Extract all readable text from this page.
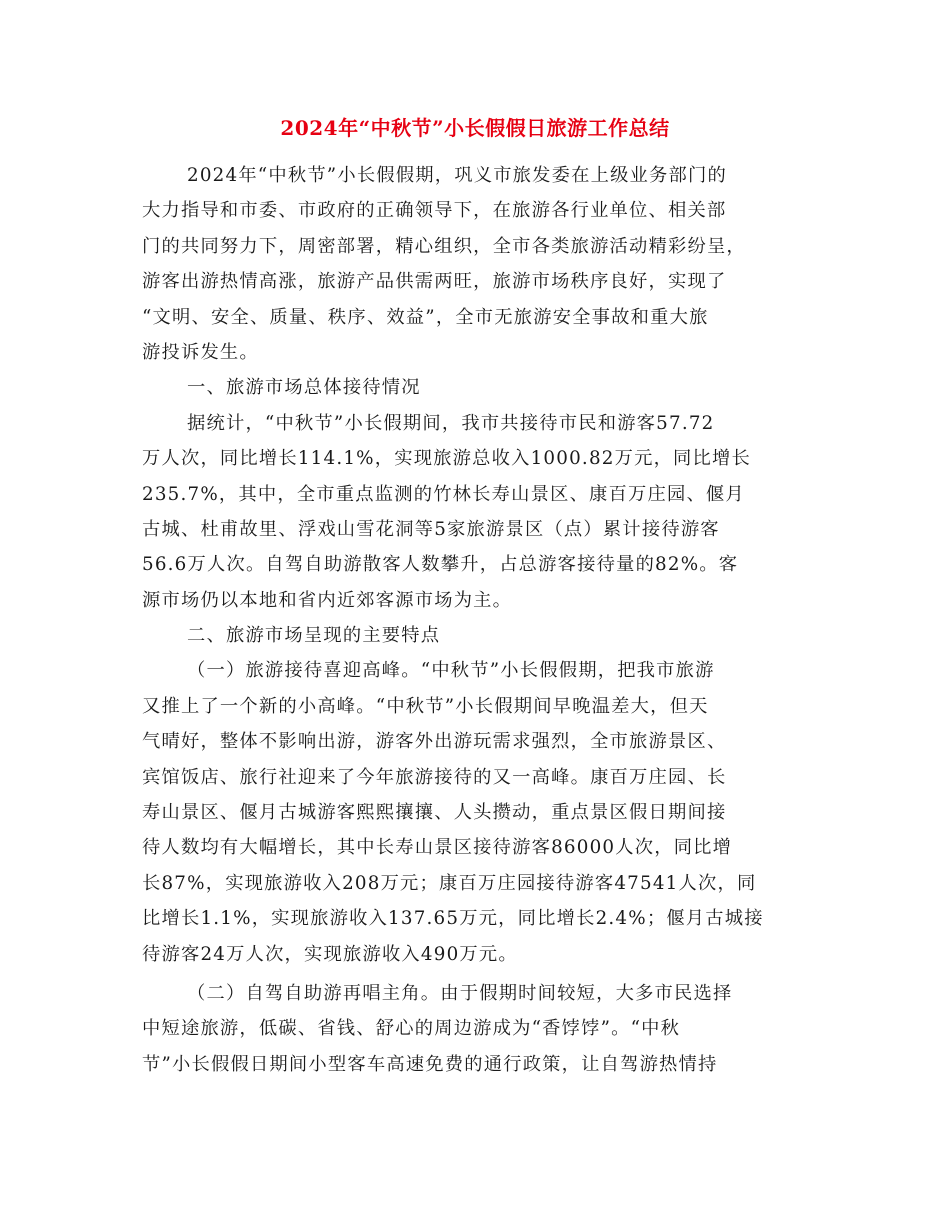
2024年“中秋节”小长假假日旅游工作总结
2024年“中秋节”小长假假期，巩义市旅发委在上级业务部门的
大力指导和市委、市政府的正确领导下，在旅游各行业单位、相关部
门的共同努力下，周密部署，精心组织，全市各类旅游活动精彩纷呈，
游客出游热情高涨，旅游产品供需两旺，旅游市场秩序良好，实现了
“文明、安全、质量、秩序、效益”，全市无旅游安全事故和重大旅
游投诉发生。
一、旅游市场总体接待情况
据统计，“中秋节”小长假期间，我市共接待市民和游客57.72
万人次，同比增长114.1%，实现旅游总收入1000.82万元，同比增长
235.7%，其中，全市重点监测的竹林长寿山景区、康百万庄园、偃月
古城、杜甫故里、浮戏山雪花洞等5家旅游景区（点）累计接待游客
56.6万人次。自驾自助游散客人数攀升，占总游客接待量的82%。客
源市场仍以本地和省内近郊客源市场为主。
二、旅游市场呈现的主要特点
（一）旅游接待喜迎高峰。“中秋节”小长假假期，把我市旅游
又推上了一个新的小高峰。“中秋节”小长假期间早晚温差大，但天
气晴好，整体不影响出游，游客外出游玩需求强烈，全市旅游景区、
宾馆饭店、旅行社迎来了今年旅游接待的又一高峰。康百万庄园、长
寿山景区、偃月古城游客熙熙攘攘、人头攒动，重点景区假日期间接
待人数均有大幅增长，其中长寿山景区接待游客86000人次，同比增
长87%，实现旅游收入208万元；康百万庄园接待游客47541人次，同
比增长1.1%，实现旅游收入137.65万元，同比增长2.4%；偃月古城接
待游客24万人次，实现旅游收入490万元。
（二）自驾自助游再唱主角。由于假期时间较短，大多市民选择
中短途旅游，低碳、省钱、舒心的周边游成为“香饽饽”。“中秋
节”小长假假日期间小型客车高速免费的通行政策，让自驾游热情持
